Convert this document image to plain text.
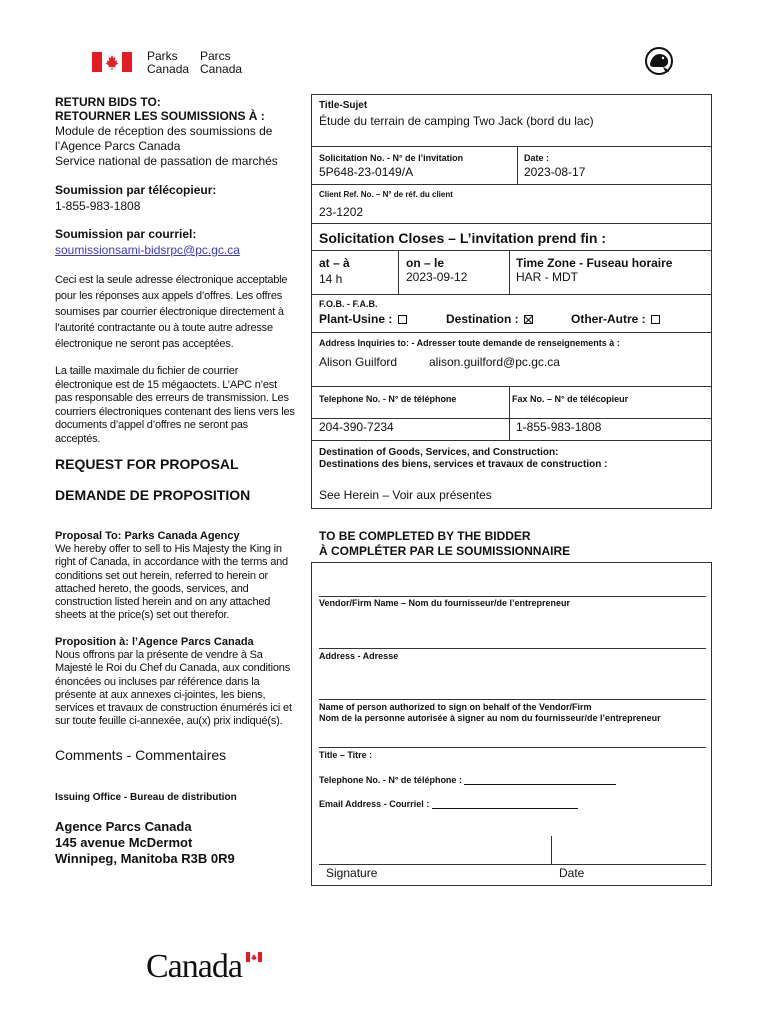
Parks
Canada
Parcs
Canada
RETURN BIDS TO:
RETOURNER LES SOUMISSIONS À :
Module de réception des soumissions de
l’Agence Parcs Canada
Service national de passation de marchés
Soumission par télécopieur:
1-855-983-1808
Soumission par courriel:
soumissionsami-bidsrpc@pc.gc.ca
Ceci est la seule adresse électronique acceptable
pour les réponses aux appels d’offres. Les offres
soumises par courrier électronique directement à
l’autorité contractante ou à toute autre adresse
électronique ne seront pas acceptées.
La taille maximale du fichier de courrier
électronique est de 15 mégaoctets. L’APC n’est
pas responsable des erreurs de transmission. Les
courriers électroniques contenant des liens vers les
documents d’appel d’offres ne seront pas
acceptés.
REQUEST FOR PROPOSAL
DEMANDE DE PROPOSITION
Proposal To: Parks Canada Agency
We hereby offer to sell to His Majesty the King in
right of Canada, in accordance with the terms and
conditions set out herein, referred to herein or
attached hereto, the goods, services, and
construction listed herein and on any attached
sheets at the price(s) set out therefor.
Proposition à: l’Agence Parcs Canada
Nous offrons par la présente de vendre à Sa
Majesté le Roi du Chef du Canada, aux conditions
énoncées ou incluses par référence dans la
présente at aux annexes ci-jointes, les biens,
services et travaux de construction énumérés ici et
sur toute feuille ci-annexée, au(x) prix indiqué(s).
Comments - Commentaires
Issuing Office - Bureau de distribution
Agence Parcs Canada
145 avenue McDermot
Winnipeg, Manitoba R3B 0R9
Title-Sujet
Étude du terrain de camping Two Jack (bord du lac)
Solicitation No. - N° de l’invitation
5P648-23-0149/A
Date :
2023-08-17
Client Ref. No. – N° de réf. du client
23-1202
Solicitation Closes – L’invitation prend fin :
at – à
14 h
on – le
2023-09-12
Time Zone - Fuseau horaire
HAR - MDT
F.O.B. - F.A.B.
Plant-Usine :	Destination :	Other-Autre :
Address Inquiries to: - Adresser toute demande de renseignements à :
Alison Guilford	alison.guilford@pc.gc.ca
Telephone No. - N° de téléphone	Fax No. – N° de télécopieur
204-390-7234	1-855-983-1808
Destination of Goods, Services, and Construction:
Destinations des biens, services et travaux de construction :
See Herein – Voir aux présentes
TO BE COMPLETED BY THE BIDDER
À COMPLÉTER PAR LE SOUMISSIONNAIRE
Vendor/Firm Name – Nom du fournisseur/de l’entrepreneur
Address - Adresse
Name of person authorized to sign on behalf of the Vendor/Firm
Nom de la personne autorisée à signer au nom du fournisseur/de l’entrepreneur
Title – Titre :
Telephone No. - N° de téléphone :
Email Address - Courriel :
Signature	Date
Canada
